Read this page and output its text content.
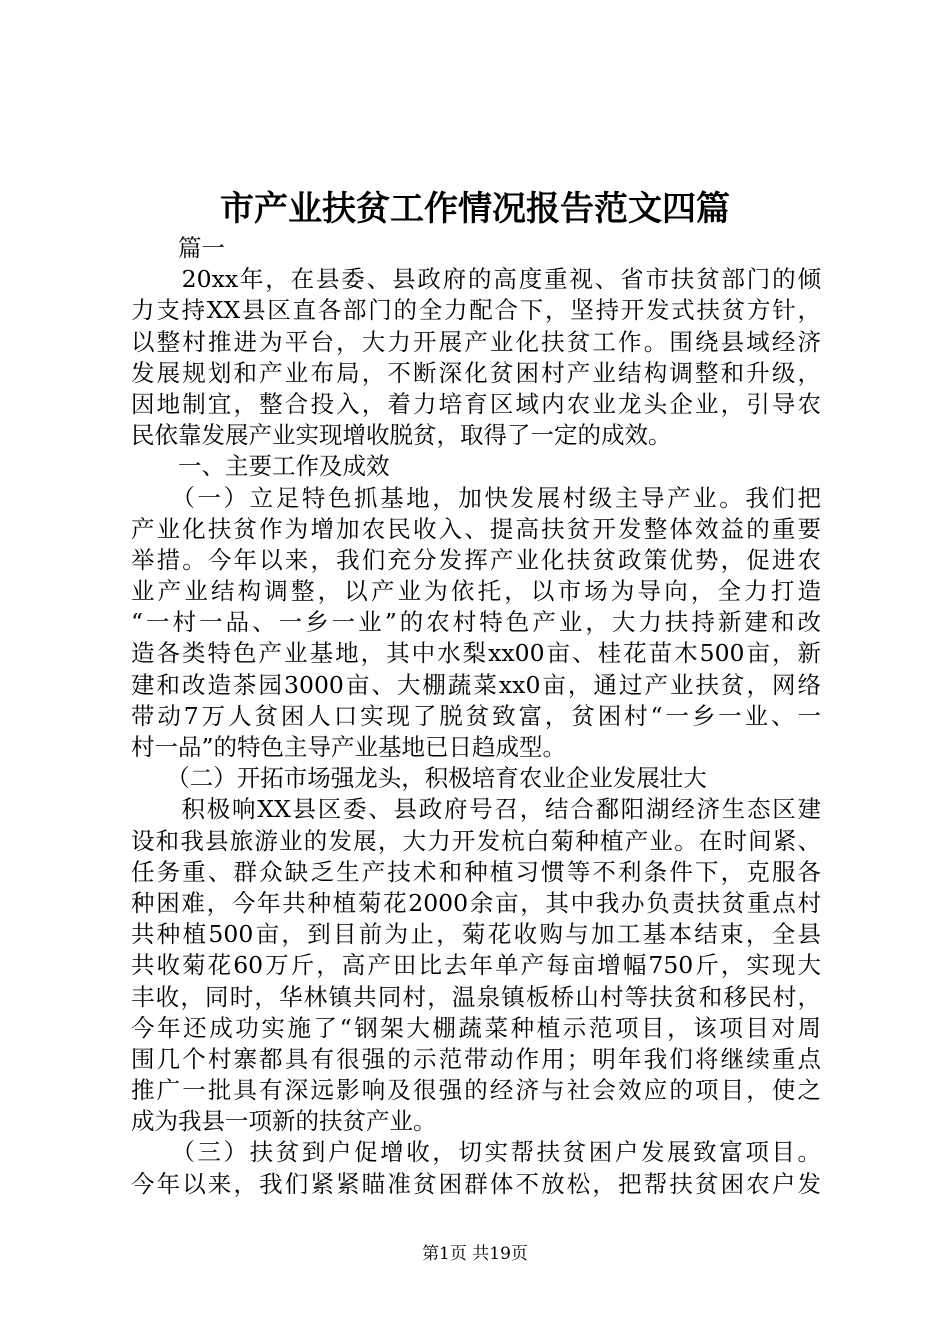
市产业扶贫工作情况报告范文四篇
　　篇一
　　20xx年，在县委、县政府的高度重视、省市扶贫部门的倾
力支持XX县区直各部门的全力配合下，坚持开发式扶贫方针，
以整村推进为平台，大力开展产业化扶贫工作。围绕县域经济
发展规划和产业布局，不断深化贫困村产业结构调整和升级，
因地制宜，整合投入，着力培育区域内农业龙头企业，引导农
民依靠发展产业实现增收脱贫，取得了一定的成效。
　　一、主要工作及成效
　　（一）立足特色抓基地，加快发展村级主导产业。我们把
产业化扶贫作为增加农民收入、提高扶贫开发整体效益的重要
举措。今年以来，我们充分发挥产业化扶贫政策优势，促进农
业产业结构调整，以产业为依托，以市场为导向，全力打造
“一村一品、一乡一业”的农村特色产业，大力扶持新建和改
造各类特色产业基地，其中水梨xx00亩、桂花苗木500亩，新
建和改造茶园3000亩、大棚蔬菜xx0亩，通过产业扶贫，网络
带动7万人贫困人口实现了脱贫致富，贫困村“一乡一业、一
村一品”的特色主导产业基地已日趋成型。
　　（二）开拓市场强龙头，积极培育农业企业发展壮大
　　积极响XX县区委、县政府号召，结合鄱阳湖经济生态区建
设和我县旅游业的发展，大力开发杭白菊种植产业。在时间紧、
任务重、群众缺乏生产技术和种植习惯等不利条件下，克服各
种困难，今年共种植菊花2000余亩，其中我办负责扶贫重点村
共种植500亩，到目前为止，菊花收购与加工基本结束，全县
共收菊花60万斤，高产田比去年单产每亩增幅750斤，实现大
丰收，同时，华林镇共同村，温泉镇板桥山村等扶贫和移民村，
今年还成功实施了“钢架大棚蔬菜种植示范项目，该项目对周
围几个村寨都具有很强的示范带动作用；明年我们将继续重点
推广一批具有深远影响及很强的经济与社会效应的项目，使之
成为我县一项新的扶贫产业。
　　（三）扶贫到户促增收，切实帮扶贫困户发展致富项目。
今年以来，我们紧紧瞄准贫困群体不放松，把帮扶贫困农户发
第1页 共19页
